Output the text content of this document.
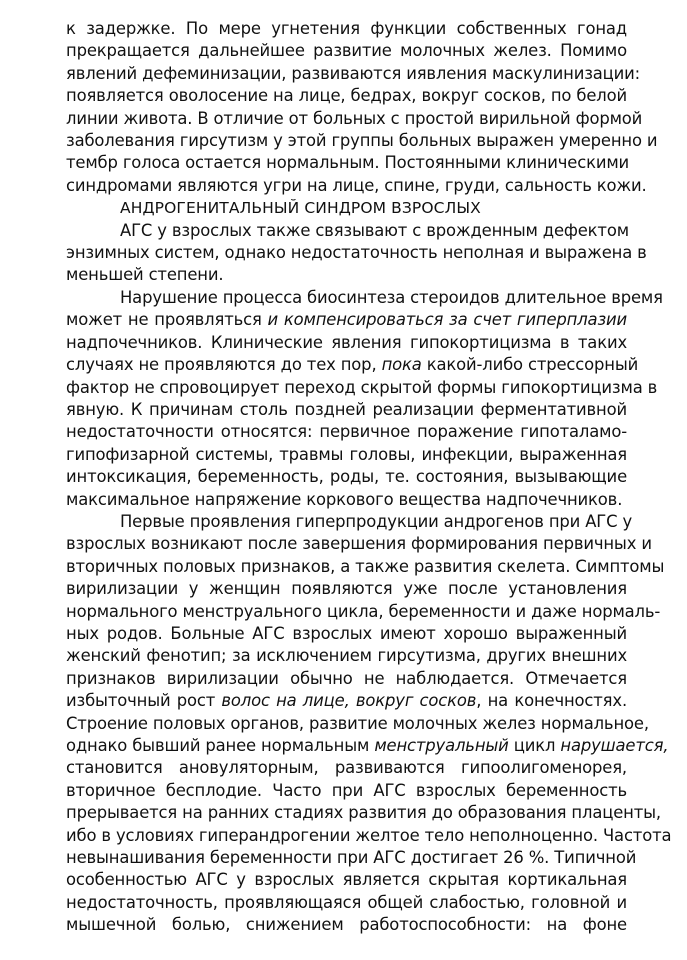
к задержке. По мере угнетения функции собственных гонад
прекращается дальнейшее развитие молочных желез. Помимо
явлений дефеминизации, развиваются иявления маскулинизации:
появляется оволосение на лице, бедрах, вокруг сосков, по белой
линии живота. В отличие от больных с простой вирильной формой
заболевания гирсутизм у этой группы больных выражен умеренно и
тембр голоса остается нормальным. Постоянными клиническими
синдромами являются угри на лице, спине, груди, сальность кожи.
АНДРОГЕНИТАЛЬНЫЙ СИНДРОМ ВЗРОСЛЫХ
АГС у взрослых также связывают с врожденным дефектом
энзимных систем, однако недостаточность неполная и выражена в
меньшей степени.
Нарушение процесса биосинтеза стероидов длительное время
может не проявляться и компенсироваться за счет гиперплазии
надпочечников. Клинические явления гипокортицизма в таких
случаях не проявляются до тех пор, пока какой-либо стрессорный
фактор не спровоцирует переход скрытой формы гипокортицизма в
явную. К причинам столь поздней реализации ферментативной
недостаточности относятся: первичное поражение гипоталамо-
гипофизарной системы, травмы головы, инфекции, выраженная
интоксикация, беременность, роды, те. состояния, вызывающие
максимальное напряжение коркового вещества надпочечников.
Первые проявления гиперпродукции андрогенов при АГС у
взрослых возникают после завершения формирования первичных и
вторичных половых признаков, а также развития скелета. Симптомы
вирилизации у женщин появляются уже после установления
нормального менструального цикла, беременности и даже нормаль-
ных родов. Больные АГС взрослых имеют хорошо выраженный
женский фенотип; за исключением гирсутизма, других внешних
признаков вирилизации обычно не наблюдается. Отмечается
избыточный рост волос на лице, вокруг сосков, на конечностях.
Строение половых органов, развитие молочных желез нормальное,
однако бывший ранее нормальным менструальный цикл нарушается,
становится ановуляторным, развиваются гипоолигоменорея,
вторичное бесплодие. Часто при АГС взрослых беременность
прерывается на ранних стадиях развития до образования плаценты,
ибо в условиях гиперандрогении желтое тело неполноценно. Частота
невынашивания беременности при АГС достигает 26 %. Типичной
особенностью АГС у взрослых является скрытая кортикальная
недостаточность, проявляющаяся общей слабостью, головной и
мышечной болью, снижением работоспособности: на фоне
